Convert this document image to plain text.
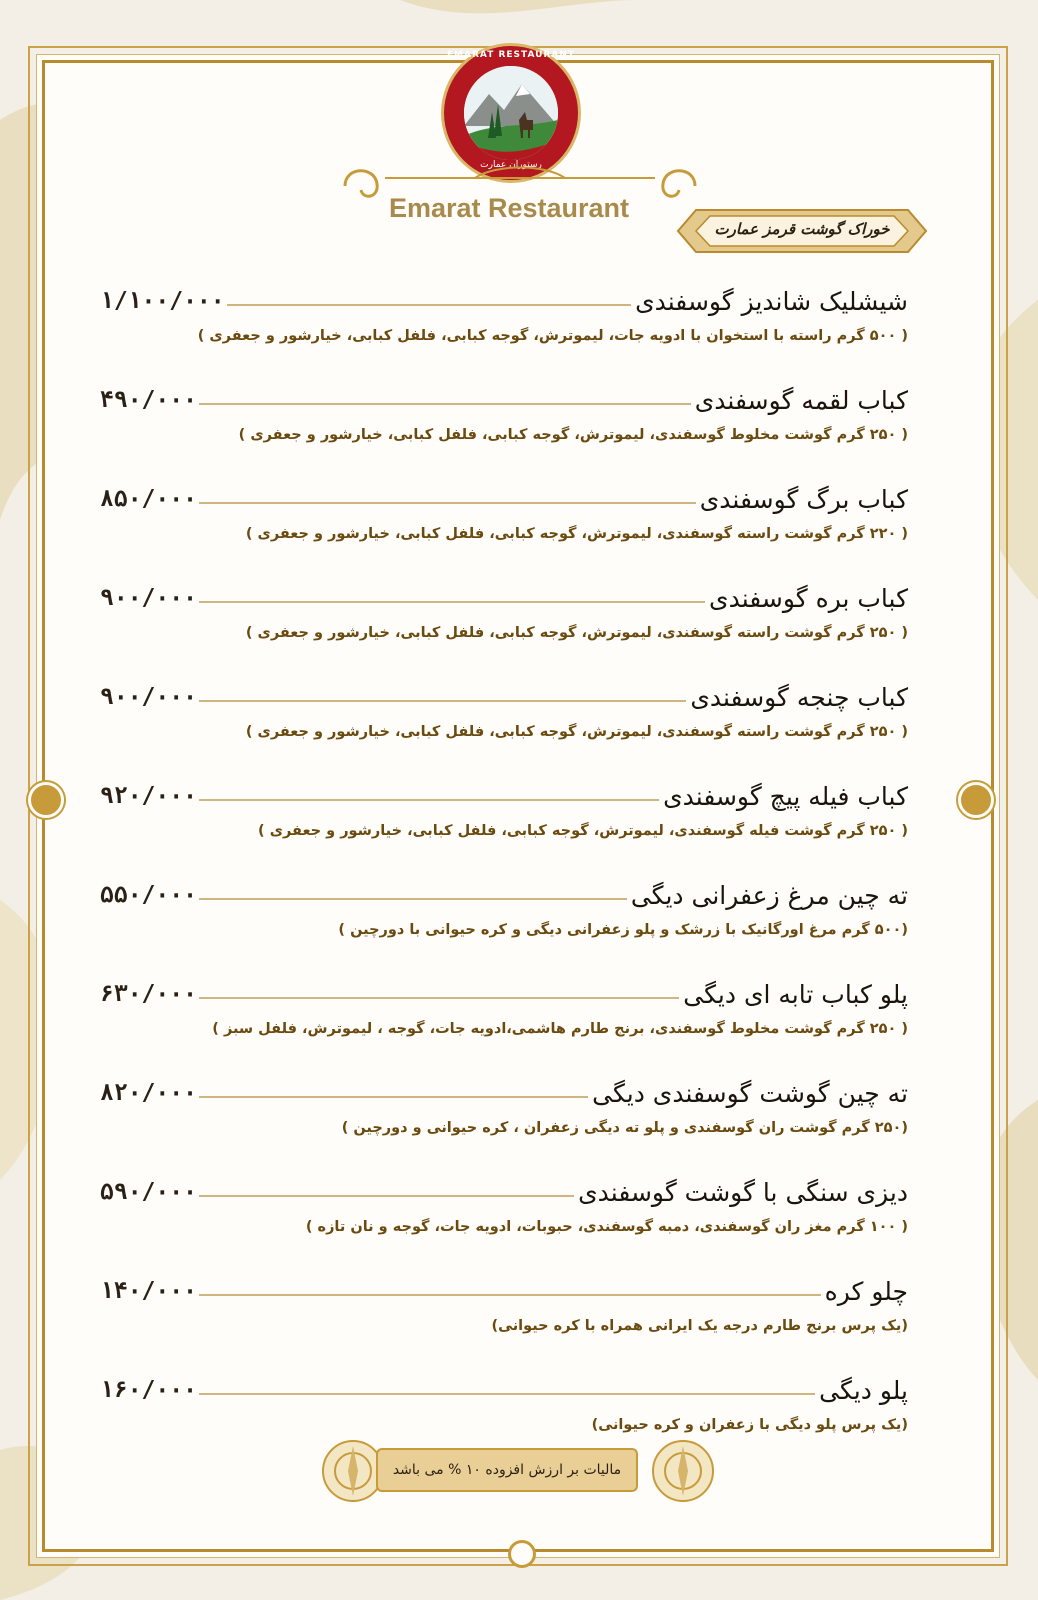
EMARAT RESTAURANT
رستوران عمارت
Emarat Restaurant
خوراک گوشت قرمز عمارت
شیشلیک شاندیز گوسفندی
۱/۱۰۰/۰۰۰
( ۵۰۰ گرم راسته با استخوان با ادویه جات، لیموترش، گوجه کبابی، فلفل کبابی، خیارشور و جعفری )
کباب لقمه گوسفندی
۴۹۰/۰۰۰
( ۲۵۰ گرم گوشت مخلوط گوسفندی، لیموترش، گوجه کبابی، فلفل کبابی، خیارشور و جعفری )
کباب برگ گوسفندی
۸۵۰/۰۰۰
( ۲۲۰ گرم گوشت راسته گوسفندی، لیموترش، گوجه کبابی، فلفل کبابی، خیارشور و جعفری )
کباب بره گوسفندی
۹۰۰/۰۰۰
( ۲۵۰ گرم گوشت راسته گوسفندی، لیموترش، گوجه کبابی، فلفل کبابی، خیارشور و جعفری )
کباب چنجه گوسفندی
۹۰۰/۰۰۰
( ۲۵۰ گرم گوشت راسته گوسفندی، لیموترش، گوجه کبابی، فلفل کبابی، خیارشور و جعفری )
کباب فیله پیچ گوسفندی
۹۲۰/۰۰۰
( ۲۵۰ گرم گوشت فیله گوسفندی، لیموترش، گوجه کبابی، فلفل کبابی، خیارشور و جعفری )
ته چین مرغ زعفرانی دیگی
۵۵۰/۰۰۰
(۵۰۰ گرم مرغ اورگانیک با زرشک و پلو زعفرانی دیگی و کره حیوانی با دورچین )
پلو کباب تابه ای دیگی
۶۳۰/۰۰۰
( ۲۵۰ گرم گوشت مخلوط گوسفندی، برنج طارم هاشمی،ادویه جات، گوجه ، لیموترش، فلفل سبز )
ته چین گوشت گوسفندی دیگی
۸۲۰/۰۰۰
(۲۵۰ گرم گوشت ران گوسفندی و پلو ته دیگی زعفران ، کره حیوانی و دورچین )
دیزی سنگی با گوشت گوسفندی
۵۹۰/۰۰۰
( ۱۰۰ گرم مغز ران گوسفندی، دمبه گوسفندی، حبوبات، ادویه جات، گوجه و نان تازه )
چلو کره
۱۴۰/۰۰۰
(یک پرس برنج طارم درجه یک ایرانی همراه با کره حیوانی)
پلو دیگی
۱۶۰/۰۰۰
(یک پرس پلو دیگی با زعفران و کره حیوانی)
مالیات بر ارزش افزوده ۱۰ % می باشد
